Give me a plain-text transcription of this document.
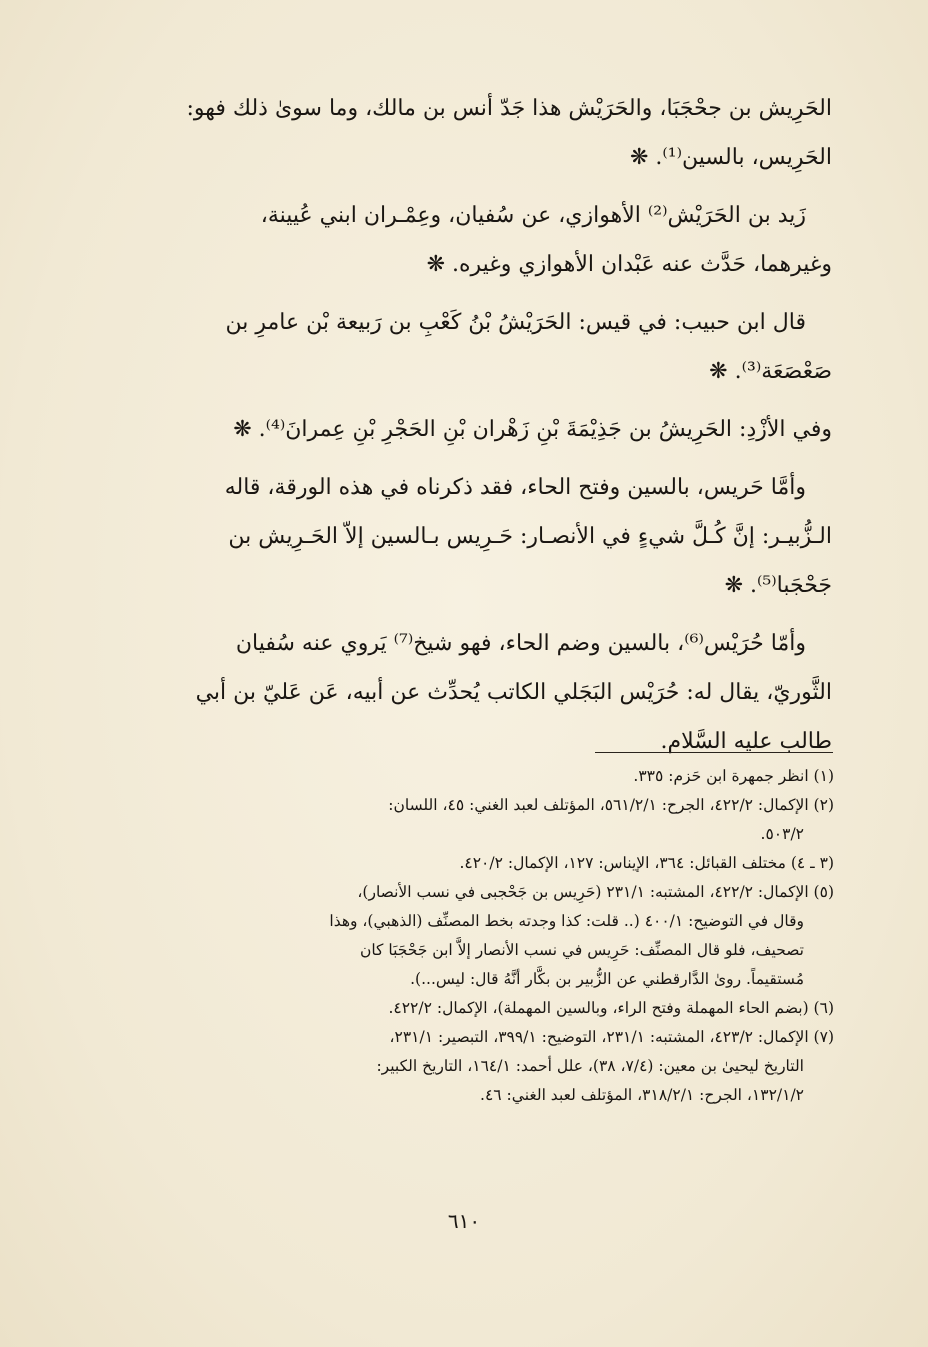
الحَرِيش بن جحْجَبَا، والحَرَيْش هذا جَدّ أنس بن مالك، وما سوىٰ ذلك فهو:

الحَرِيس، بالسين⁽¹⁾. ❋

زَيد بن الحَرَيْش⁽²⁾ الأهوازي، عن سُفيان، وعِمْـران ابني عُيينة،

وغيرهما، حَدَّث عنه عَبْدان الأهوازي وغيره. ❋

قال ابن حبيب: في قيس: الحَرَيْشُ بْنُ كَعْبِ بن رَبيعة بْن عامرِ بن

صَعْصَعَة⁽³⁾. ❋

وفي الأزْدِ: الحَرِيشُ بن جَذِيْمَةَ بْنِ زَهْران بْنِ الحَجْرِ بْنِ عِمرانَ⁽⁴⁾. ❋

وأمَّا حَريس، بالسين وفتح الحاء، فقد ذكرناه في هذه الورقة، قاله

الـزُّبيـر: إنَّ كُـلَّ شيءٍ في الأنصـار: حَـرِيس بـالسين إلاّ الحَـرِيش بن

جَحْجَبا⁽⁵⁾. ❋

وأمّا حُرَيْس⁽⁶⁾، بالسين وضم الحاء، فهو شيخ⁽⁷⁾ يَروي عنه سُفيان

الثَّوريّ، يقال له: حُرَيْس البَجَلي الكاتب يُحدِّث عن أبيه، عَن عَليّ بن أبي

طالب عليه السَّلام.

(١) انظر جمهرة ابن حَزم: ٣٣٥.

(٢) الإكمال: ٤٢٢/٢، الجرح: ٥٦١/٢/١، المؤتلف لعبد الغني: ٤٥، اللسان:

٥٠٣/٢.

(٣ ـ ٤) مختلف القبائل: ٣٦٤، الإيناس: ١٢٧، الإكمال: ٤٢٠/٢.

(٥) الإكمال: ٤٢٢/٢، المشتبه: ٢٣١/١ (حَرِيس بن جَحْجبى في نسب الأنصار)،

وقال في التوضيح: ٤٠٠/١ (.. قلت: كذا وجدته بخط المصنِّف (الذهبي)، وهذا

تصحيف، فلو قال المصنِّف: حَرِيس في نسب الأنصار إلاَّ ابن جَحْجَبَا كان

مُستقيماً. روىٰ الدَّارقطني عن الزُّبير بن بكَّار أنَّهُ قال: ليس...).

(٦) (بضم الحاء المهملة وفتح الراء، وبالسين المهملة)، الإكمال: ٤٢٢/٢.

(٧) الإكمال: ٤٢٣/٢، المشتبه: ٢٣١/١، التوضيح: ٣٩٩/١، التبصير: ٢٣١/١،

التاريخ ليحيىٰ بن معين: (٧/٤، ٣٨)، علل أحمد: ١٦٤/١، التاريخ الكبير:

١٣٢/١/٢، الجرح: ٣١٨/٢/١، المؤتلف لعبد الغني: ٤٦.

٦١٠
